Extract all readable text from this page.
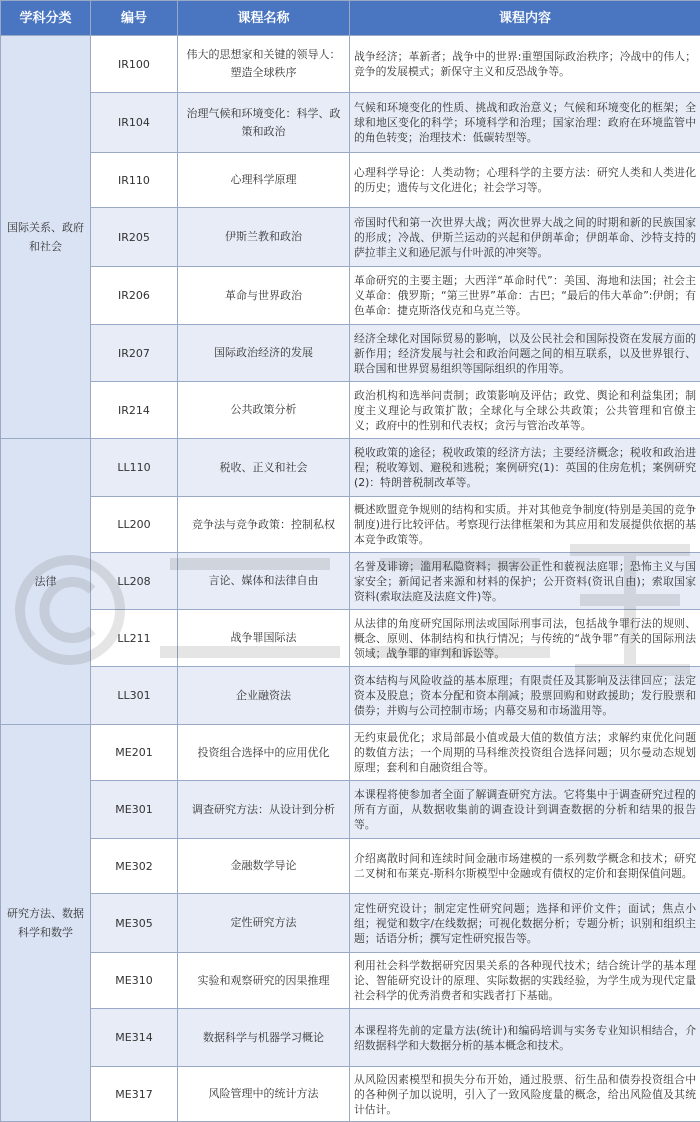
学科分类	编号	课程名称	课程内容
国际关系、政府和社会	IR100	伟大的思想家和关键的领导人：塑造全球秩序	战争经济；革新者；战争中的世界:重塑国际政治秩序；冷战中的伟人；竞争的发展模式；新保守主义和反恐战争等。
	IR104	治理气候和环境变化：科学、政策和政治	气候和环境变化的性质、挑战和政治意义；气候和环境变化的框架；全球和地区变化的科学；环境科学和治理；国家治理：政府在环境监管中的角色转变；治理技术：低碳转型等。
	IR110	心理科学原理	心理科学导论：人类动物；心理科学的主要方法：研究人类和人类进化的历史；遗传与文化进化；社会学习等。
	IR205	伊斯兰教和政治	帝国时代和第一次世界大战；两次世界大战之间的时期和新的民族国家的形成；冷战、伊斯兰运动的兴起和伊朗革命；伊朗革命、沙特支持的萨拉菲主义和逊尼派与什叶派的冲突等。
	IR206	革命与世界政治	革命研究的主要主题；大西洋“革命时代”：美国、海地和法国；社会主义革命：俄罗斯；“第三世界”革命：古巴；“最后的伟大革命”:伊朗；有色革命：捷克斯洛伐克和乌克兰等。
	IR207	国际政治经济的发展	经济全球化对国际贸易的影响，以及公民社会和国际投资在发展方面的新作用；经济发展与社会和政治问题之间的相互联系，以及世界银行、联合国和世界贸易组织等国际组织的作用等。
	IR214	公共政策分析	政治机构和选举问责制；政策影响及评估；政党、舆论和利益集团；制度主义理论与政策扩散；全球化与全球公共政策；公共管理和官僚主义；政府中的性别和代表权；贪污与管治改革等。
法律	LL110	税收、正义和社会	税收政策的途径；税收政策的经济方法；主要经济概念；税收和政治进程；税收筹划、避税和逃税；案例研究(1)：英国的住房危机；案例研究(2)：特朗普税制改革等。
	LL200	竞争法与竞争政策：控制私权	概述欧盟竞争规则的结构和实质。并对其他竞争制度(特别是美国的竞争制度)进行比较评估。考察现行法律框架和为其应用和发展提供依据的基本竞争政策等。
	LL208	言论、媒体和法律自由	名誉及诽谤；滥用私隐资料；损害公正性和藐视法庭罪；恐怖主义与国家安全；新闻记者来源和材料的保护；公开资料(资讯自由)；索取国家资料(索取法庭及法庭文件)等。
	LL211	战争罪国际法	从法律的角度研究国际刑法或国际刑事司法，包括战争罪行法的规则、概念、原则、体制结构和执行情况；与传统的“战争罪”有关的国际刑法领域；战争罪的审判和诉讼等。
	LL301	企业融资法	资本结构与风险收益的基本原理；有限责任及其影响及法律回应；法定资本及股息；资本分配和资本削减；股票回购和财政援助；发行股票和债券；并购与公司控制市场；内幕交易和市场滥用等。
研究方法、数据科学和数学	ME201	投资组合选择中的应用优化	无约束最优化；求局部最小值或最大值的数值方法；求解约束优化问题的数值方法；一个周期的马科维茨投资组合选择问题；贝尔曼动态规划原理；套利和自融资组合等。
	ME301	调查研究方法：从设计到分析	本课程将使参加者全面了解调查研究方法。它将集中于调查研究过程的所有方面，从数据收集前的调查设计到调查数据的分析和结果的报告等。
	ME302	金融数学导论	介绍离散时间和连续时间金融市场建模的一系列数学概念和技术；研究二叉树和布莱克-斯科尔斯模型中金融或有债权的定价和套期保值问题。
	ME305	定性研究方法	定性研究设计；制定定性研究问题；选择和评价文件；面试；焦点小组；视觉和数字/在线数据；可视化数据分析；专题分析；识别和组织主题；话语分析；撰写定性研究报告等。
	ME310	实验和观察研究的因果推理	利用社会科学数据研究因果关系的各种现代技术；结合统计学的基本理论、智能研究设计的原理、实际数据的实践经验，为学生成为现代定量社会科学的优秀消费者和实践者打下基础。
	ME314	数据科学与机器学习概论	本课程将先前的定量方法(统计)和编码培训与实务专业知识相结合，介绍数据科学和大数据分析的基本概念和技术。
	ME317	风险管理中的统计方法	从风险因素模型和损失分布开始，通过股票、衍生品和债券投资组合中的各种例子加以说明，引入了一致风险度量的概念，给出风险值及其统计估计。
